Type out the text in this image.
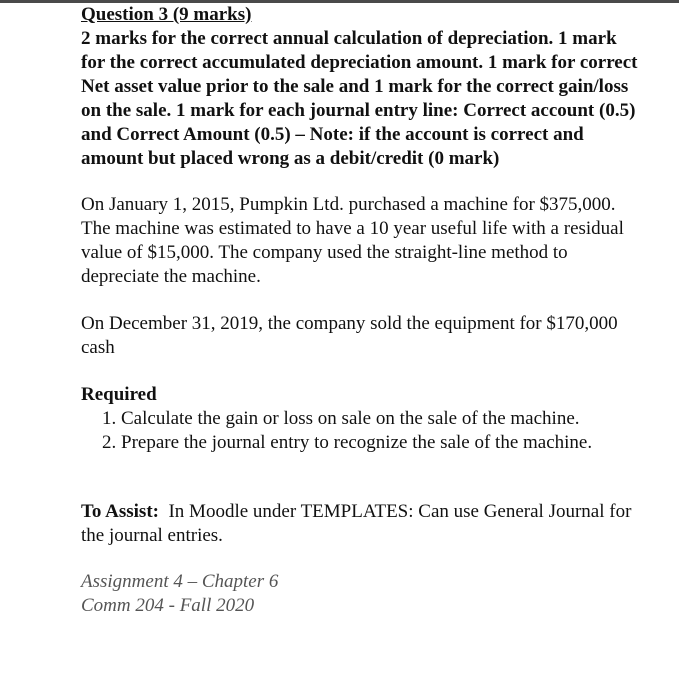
Question 3 (9 marks)

2 marks for the correct annual calculation of depreciation. 1 mark for the correct accumulated depreciation amount. 1 mark for correct Net asset value prior to the sale and 1 mark for the correct gain/loss on the sale. 1 mark for each journal entry line: Correct account (0.5) and Correct Amount (0.5) – Note: if the account is correct and amount but placed wrong as a debit/credit (0 mark)

On January 1, 2015, Pumpkin Ltd. purchased a machine for $375,000. The machine was estimated to have a 10 year useful life with a residual value of $15,000. The company used the straight-line method to depreciate the machine.

On December 31, 2019, the company sold the equipment for $170,000 cash

Required

1. Calculate the gain or loss on sale on the sale of the machine.
2. Prepare the journal entry to recognize the sale of the machine.

To Assist: In Moodle under TEMPLATES: Can use General Journal for the journal entries.

Assignment 4 – Chapter 6
Comm 204 - Fall 2020
